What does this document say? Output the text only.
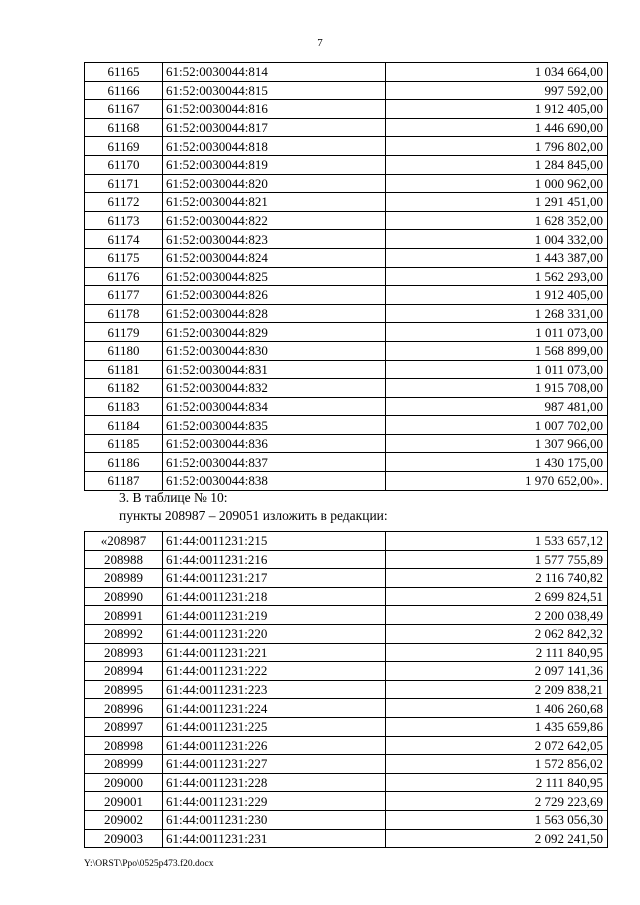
7
61165	61:52:0030044:814	1 034 664,00
61166	61:52:0030044:815	997 592,00
61167	61:52:0030044:816	1 912 405,00
61168	61:52:0030044:817	1 446 690,00
61169	61:52:0030044:818	1 796 802,00
61170	61:52:0030044:819	1 284 845,00
61171	61:52:0030044:820	1 000 962,00
61172	61:52:0030044:821	1 291 451,00
61173	61:52:0030044:822	1 628 352,00
61174	61:52:0030044:823	1 004 332,00
61175	61:52:0030044:824	1 443 387,00
61176	61:52:0030044:825	1 562 293,00
61177	61:52:0030044:826	1 912 405,00
61178	61:52:0030044:828	1 268 331,00
61179	61:52:0030044:829	1 011 073,00
61180	61:52:0030044:830	1 568 899,00
61181	61:52:0030044:831	1 011 073,00
61182	61:52:0030044:832	1 915 708,00
61183	61:52:0030044:834	987 481,00
61184	61:52:0030044:835	1 007 702,00
61185	61:52:0030044:836	1 307 966,00
61186	61:52:0030044:837	1 430 175,00
61187	61:52:0030044:838	1 970 652,00».
3. В таблице № 10:
пункты 208987 – 209051 изложить в редакции:
«208987	61:44:0011231:215	1 533 657,12
208988	61:44:0011231:216	1 577 755,89
208989	61:44:0011231:217	2 116 740,82
208990	61:44:0011231:218	2 699 824,51
208991	61:44:0011231:219	2 200 038,49
208992	61:44:0011231:220	2 062 842,32
208993	61:44:0011231:221	2 111 840,95
208994	61:44:0011231:222	2 097 141,36
208995	61:44:0011231:223	2 209 838,21
208996	61:44:0011231:224	1 406 260,68
208997	61:44:0011231:225	1 435 659,86
208998	61:44:0011231:226	2 072 642,05
208999	61:44:0011231:227	1 572 856,02
209000	61:44:0011231:228	2 111 840,95
209001	61:44:0011231:229	2 729 223,69
209002	61:44:0011231:230	1 563 056,30
209003	61:44:0011231:231	2 092 241,50
Y:\ORST\Ppo\0525p473.f20.docx
